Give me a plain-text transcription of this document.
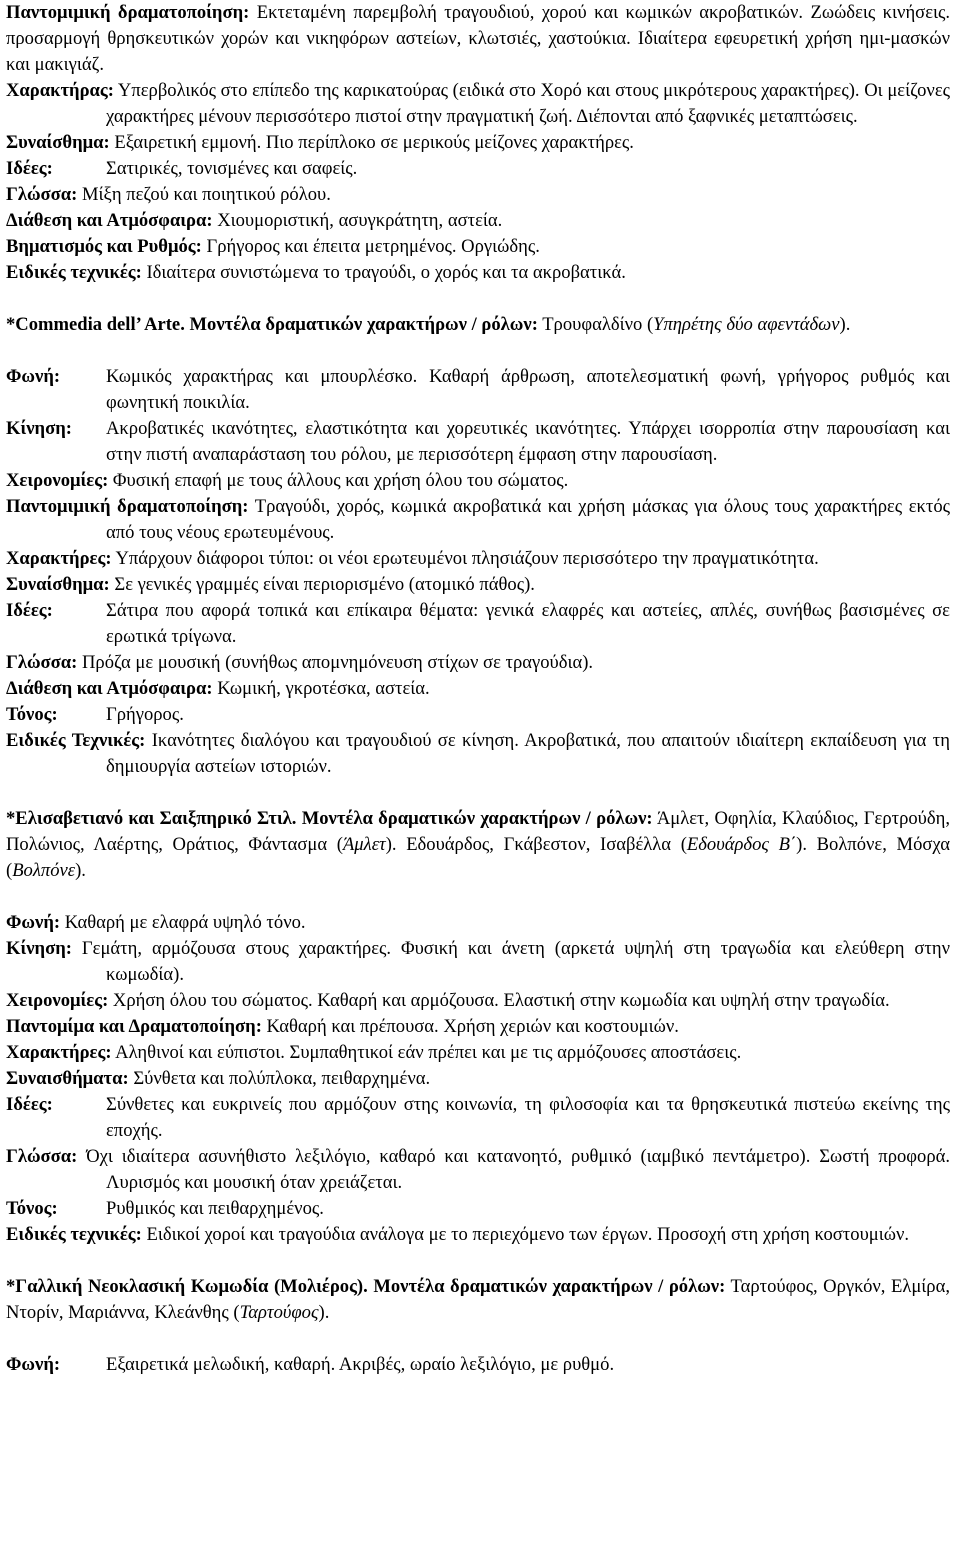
Παντομιμική δραματοποίηση: Εκτεταμένη παρεμβολή τραγουδιού, χορού και κωμικών ακροβατικών. Ζωώδεις κινήσεις. προσαρμογή θρησκευτικών χορών και νικηφόρων αστείων, κλωτσιές, χαστούκια. Ιδιαίτερα εφευρετική χρήση ημι-μασκών και μακιγιάζ.
Χαρακτήρας: Υπερβολικός στο επίπεδο της καρικατούρας (ειδικά στο Χορό και στους μικρότερους χαρακτήρες). Οι μείζονες χαρακτήρες μένουν περισσότερο πιστοί στην πραγματική ζωή. Διέπονται από ξαφνικές μεταπτώσεις.
Συναίσθημα: Εξαιρετική εμμονή. Πιο περίπλοκο σε μερικούς μείζονες χαρακτήρες.
Ιδέες:	Σατιρικές, τονισμένες και σαφείς.
Γλώσσα: Μίξη πεζού και ποιητικού ρόλου.
Διάθεση και Ατμόσφαιρα: Χιουμοριστική, ασυγκράτητη, αστεία.
Βηματισμός και Ρυθμός: Γρήγορος και έπειτα μετρημένος. Οργιώδης.
Ειδικές τεχνικές: Ιδιαίτερα συνιστώμενα το τραγούδι, ο χορός και τα ακροβατικά.
*Commedia dell’ Arte. Μοντέλα δραματικών χαρακτήρων / ρόλων: Τρουφαλδίνο (Υπηρέτης δύο αφεντάδων).
Φωνή: Κωμικός χαρακτήρας και μπουρλέσκο. Καθαρή άρθρωση, αποτελεσματική φωνή, γρήγορος ρυθμός και φωνητική ποικιλία.
Κίνηση: Ακροβατικές ικανότητες, ελαστικότητα και χορευτικές ικανότητες. Υπάρχει ισορροπία στην παρουσίαση και στην πιστή αναπαράσταση του ρόλου, με περισσότερη έμφαση στην παρουσίαση.
Χειρονομίες: Φυσική επαφή με τους άλλους και χρήση όλου του σώματος.
Παντομιμική δραματοποίηση: Τραγούδι, χορός, κωμικά ακροβατικά και χρήση μάσκας για όλους τους χαρακτήρες εκτός από τους νέους ερωτευμένους.
Χαρακτήρες: Υπάρχουν διάφοροι τύποι: οι νέοι ερωτευμένοι πλησιάζουν περισσότερο την πραγματικότητα.
Συναίσθημα: Σε γενικές γραμμές είναι περιορισμένο (ατομικό πάθος).
Ιδέες:	Σάτιρα που αφορά τοπικά και επίκαιρα θέματα: γενικά ελαφρές και αστείες, απλές, συνήθως βασισμένες σε ερωτικά τρίγωνα.
Γλώσσα: Πρόζα με μουσική (συνήθως απομνημόνευση στίχων σε τραγούδια).
Διάθεση και Ατμόσφαιρα: Κωμική, γκροτέσκα, αστεία.
Τόνος:	Γρήγορος.
Ειδικές Τεχνικές: Ικανότητες διαλόγου και τραγουδιού σε κίνηση. Ακροβατικά, που απαιτούν ιδιαίτερη εκπαίδευση για τη δημιουργία αστείων ιστοριών.
*Ελισαβετιανό και Σαιξπηρικό Στιλ. Μοντέλα δραματικών χαρακτήρων / ρόλων: Άμλετ, Οφηλία, Κλαύδιος, Γερτρούδη, Πολώνιος, Λαέρτης, Οράτιος, Φάντασμα (Άμλετ). Εδουάρδος, Γκάβεστον, Ισαβέλλα (Εδουάρδος Β΄). Βολπόνε, Μόσχα (Βολπόνε).
Φωνή: Καθαρή με ελαφρά υψηλό τόνο.
Κίνηση: Γεμάτη, αρμόζουσα στους χαρακτήρες. Φυσική και άνετη (αρκετά υψηλή στη τραγωδία και ελεύθερη στην κωμωδία).
Χειρονομίες: Χρήση όλου του σώματος. Καθαρή και αρμόζουσα. Ελαστική στην κωμωδία και υψηλή στην τραγωδία.
Παντομίμα και Δραματοποίηση: Καθαρή και πρέπουσα. Χρήση χεριών και κοστουμιών.
Χαρακτήρες: Αληθινοί και εύπιστοι. Συμπαθητικοί εάν πρέπει και με τις αρμόζουσες αποστάσεις.
Συναισθήματα: Σύνθετα και πολύπλοκα, πειθαρχημένα.
Ιδέες:	Σύνθετες και ευκρινείς που αρμόζουν στης κοινωνία, τη φιλοσοφία και τα θρησκευτικά πιστεύω εκείνης της εποχής.
Γλώσσα: Όχι ιδιαίτερα ασυνήθιστο λεξιλόγιο, καθαρό και κατανοητό, ρυθμικό (ιαμβικό πεντάμετρο). Σωστή προφορά. Λυρισμός και μουσική όταν χρειάζεται.
Τόνος:	Ρυθμικός και πειθαρχημένος.
Ειδικές τεχνικές: Ειδικοί χοροί και τραγούδια ανάλογα με το περιεχόμενο των έργων. Προσοχή στη χρήση κοστουμιών.
*Γαλλική Νεοκλασική Κωμωδία (Μολιέρος). Μοντέλα δραματικών χαρακτήρων / ρόλων: Ταρτούφος, Οργκόν, Ελμίρα, Ντορίν, Μαριάννα, Κλεάνθης (Ταρτούφος).
Φωνή: Εξαιρετικά μελωδική, καθαρή. Ακριβές, ωραίο λεξιλόγιο, με ρυθμό.
